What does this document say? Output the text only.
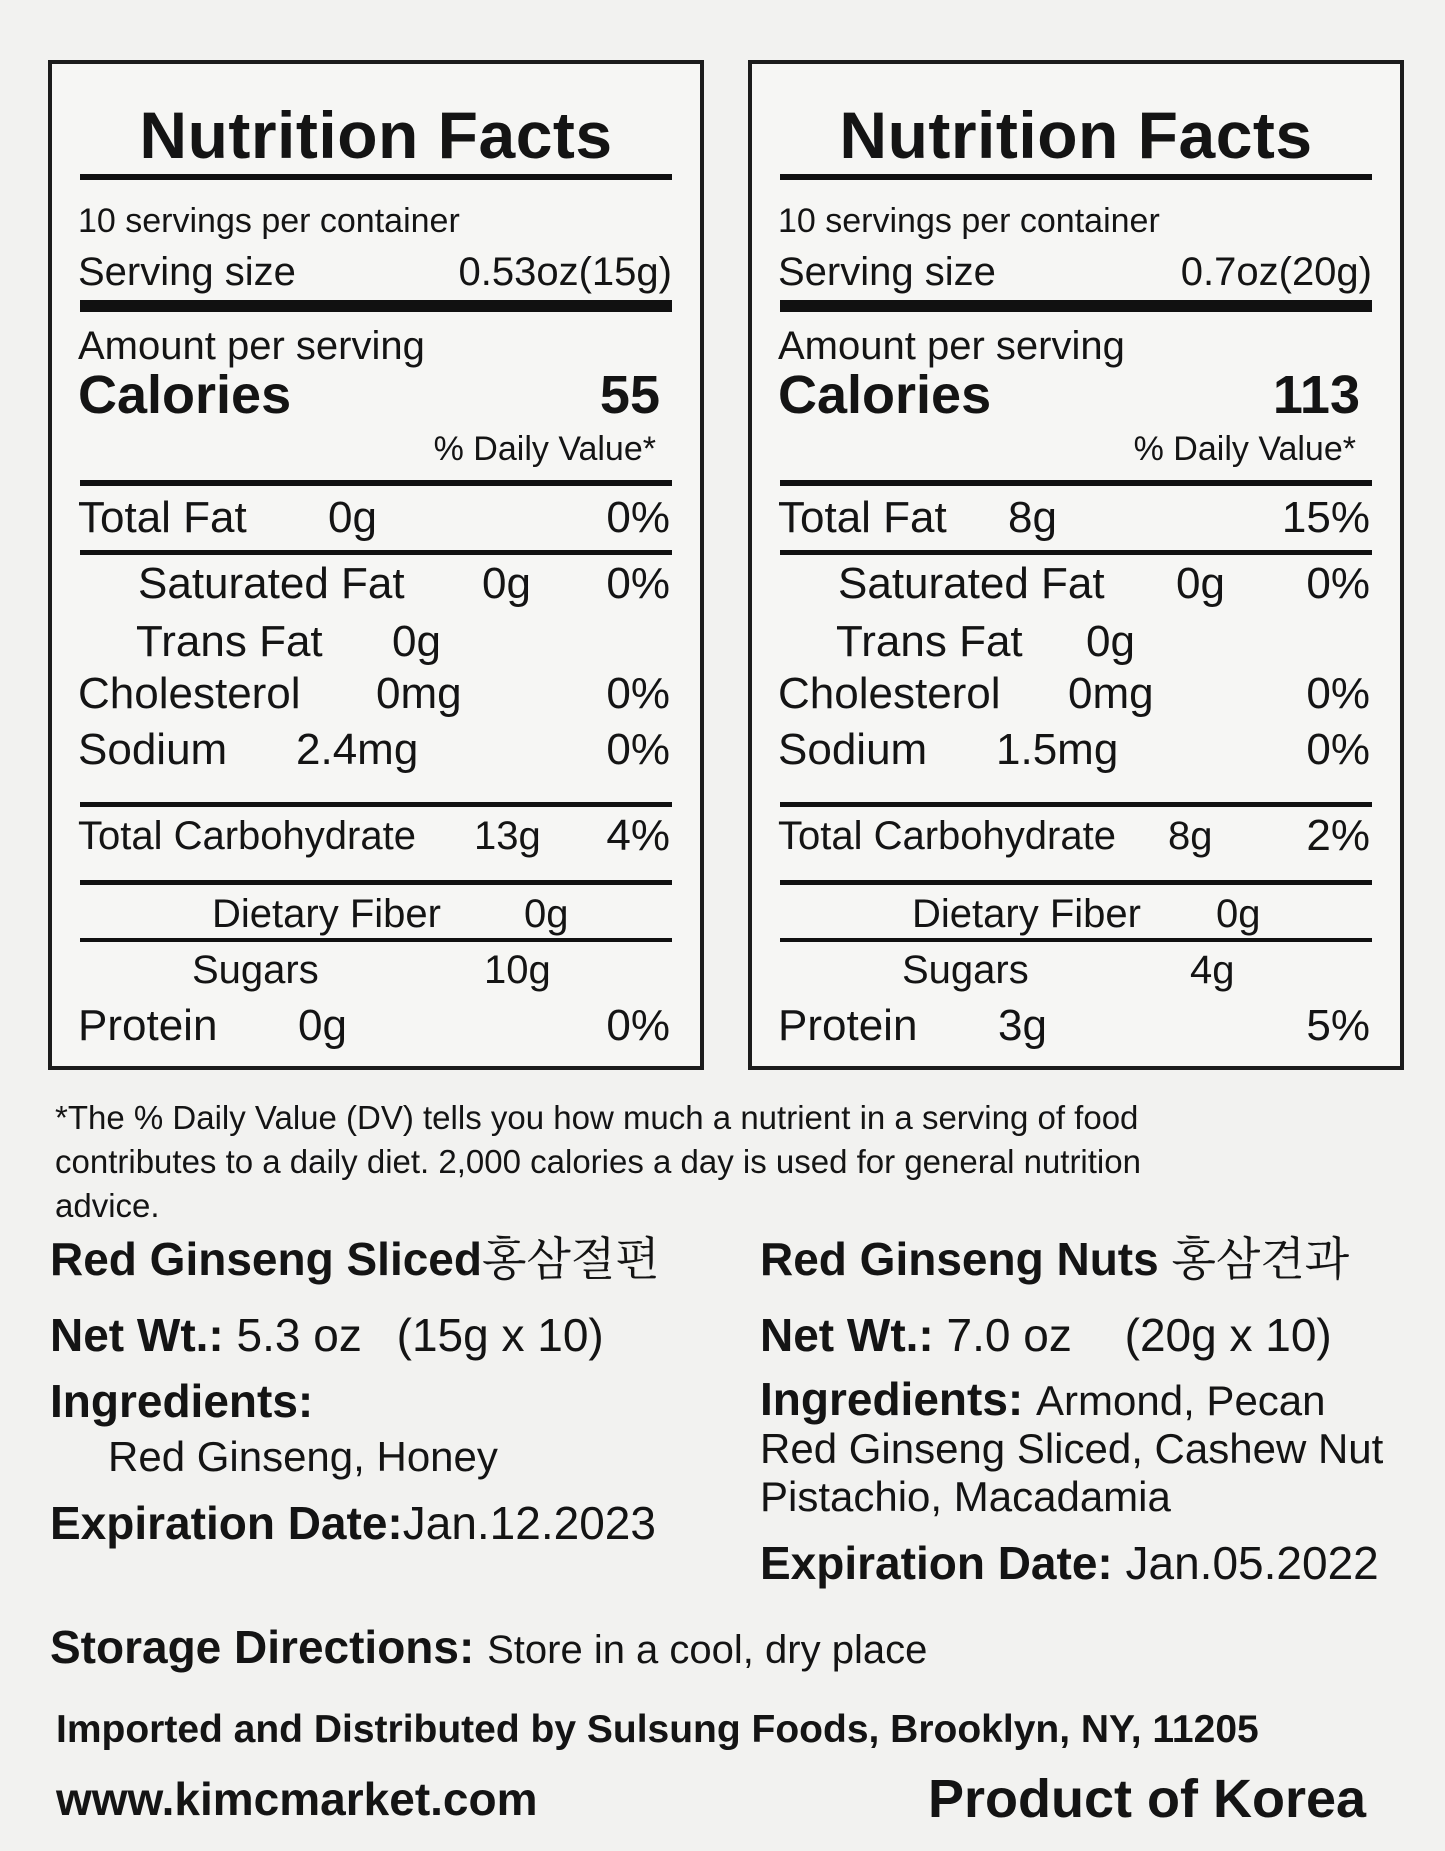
Nutrition Facts
10 servings per container
Serving size	0.53oz(15g)
Amount per serving
Calories	55
% Daily Value*
Total Fat 0g	0%
Saturated Fat 0g 0%
Trans Fat 0g
Cholesterol 0mg	0%
Sodium 2.4mg	0%
Total Carbohydrate 13g 4%
Dietary Fiber 0g
Sugars	10g
Protein 0g	0%
Nutrition Facts
10 servings per container
Serving size	0.7oz(20g)
Amount per serving
Calories	113
% Daily Value*
Total Fat 8g	15%
Saturated Fat 0g 0%
Trans Fat 0g
Cholesterol 0mg	0%
Sodium 1.5mg	0%
Total Carbohydrate 8g 2%
Dietary Fiber 0g
Sugars	4g
Protein 3g	5%
*The % Daily Value (DV) tells you how much a nutrient in a serving of food
contributes to a daily diet. 2,000 calories a day is used for general nutrition
advice.
Red Ginseng Sliced홍삼절편
Net Wt.: 5.3 oz (15g x 10)
Ingredients:
Red Ginseng, Honey
Expiration Date:Jan.12.2023
Red Ginseng Nuts 홍삼견과
Net Wt.: 7.0 oz (20g x 10)
Ingredients: Armond, Pecan
Red Ginseng Sliced, Cashew Nut
Pistachio, Macadamia
Expiration Date: Jan.05.2022
Storage Directions: Store in a cool, dry place
Imported and Distributed by Sulsung Foods, Brooklyn, NY, 11205
www.kimcmarket.com	Product of Korea
